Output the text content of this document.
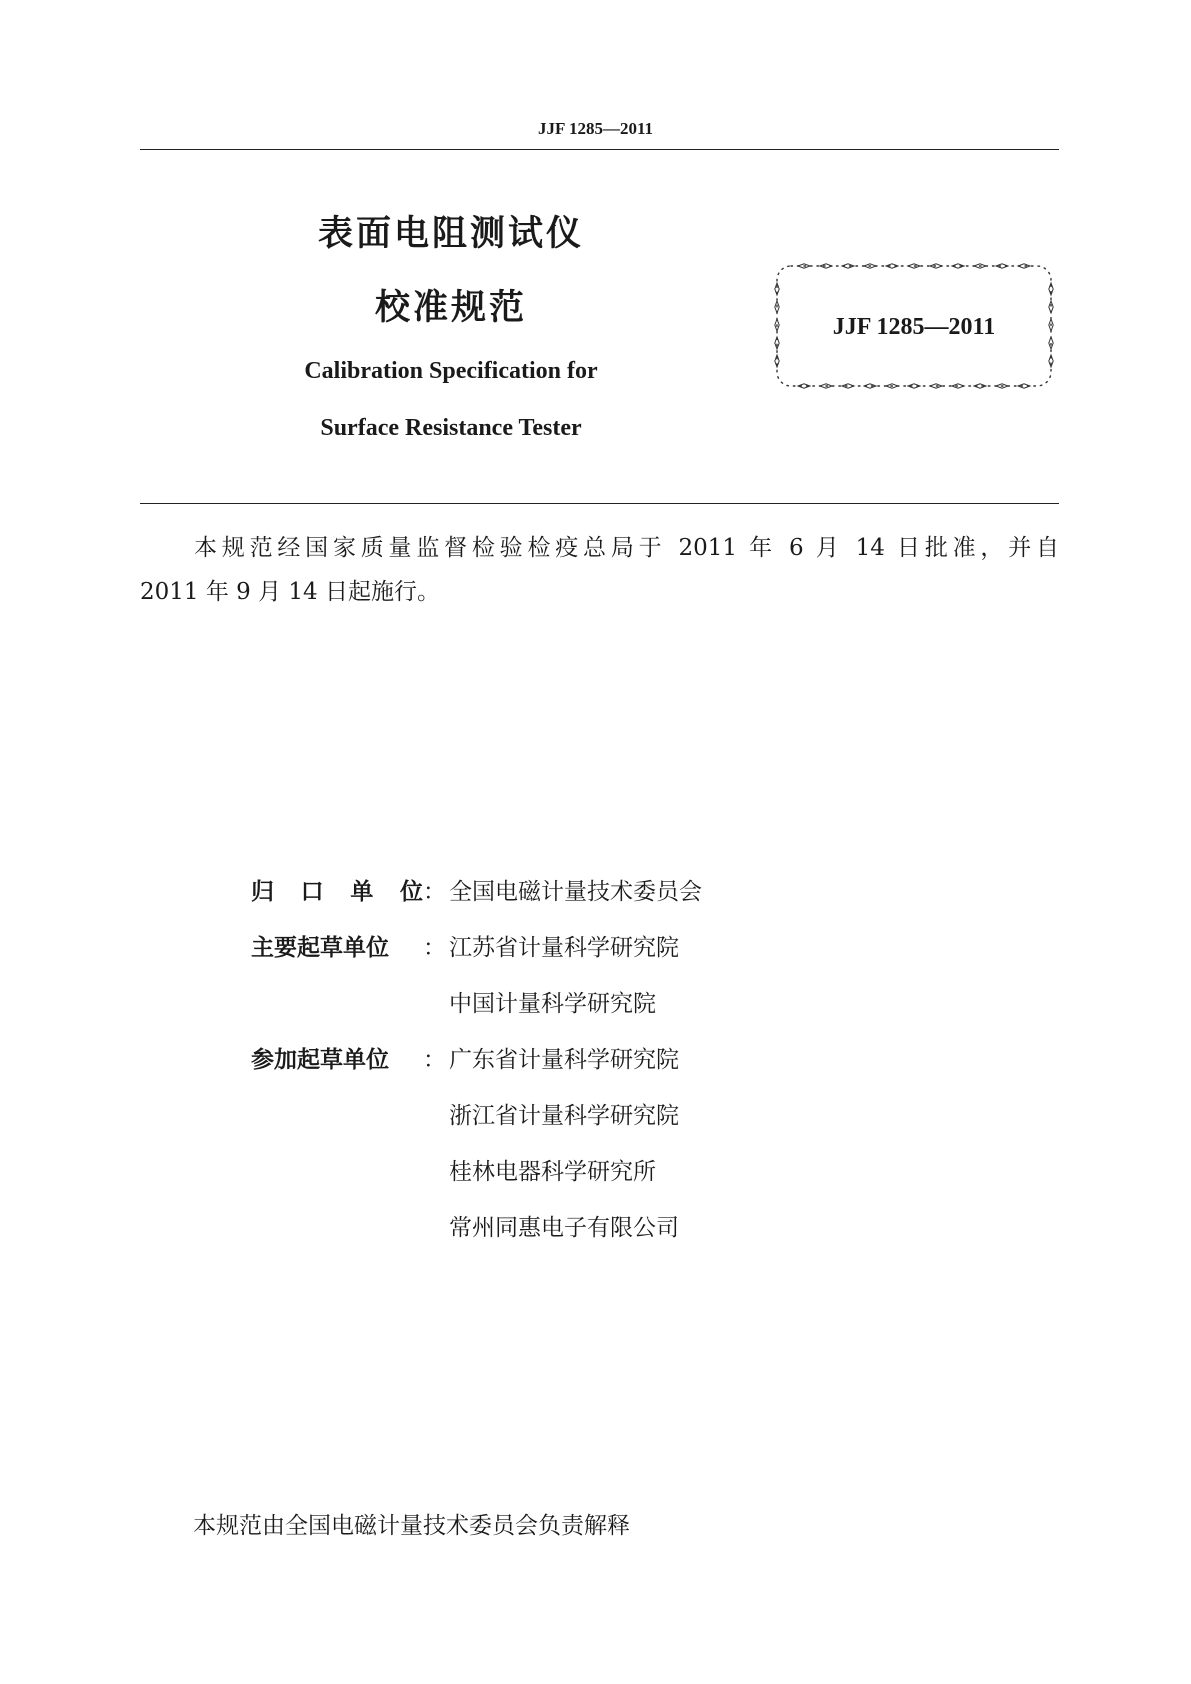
JJF 1285—2011
表面电阻测试仪
校准规范
Calibration Specification for
Surface Resistance Tester
JJF 1285—2011
本规范经国家质量监督检验检疫总局于 2011 年 6 月 14 日批准，并自
2011 年 9 月 14 日起施行。
归口单位 ： 全国电磁计量技术委员会
主要起草单位	： 江苏省计量科学研究院
中国计量科学研究院
参加起草单位	： 广东省计量科学研究院
浙江省计量科学研究院
桂林电器科学研究所
常州同惠电子有限公司
本规范由全国电磁计量技术委员会负责解释
